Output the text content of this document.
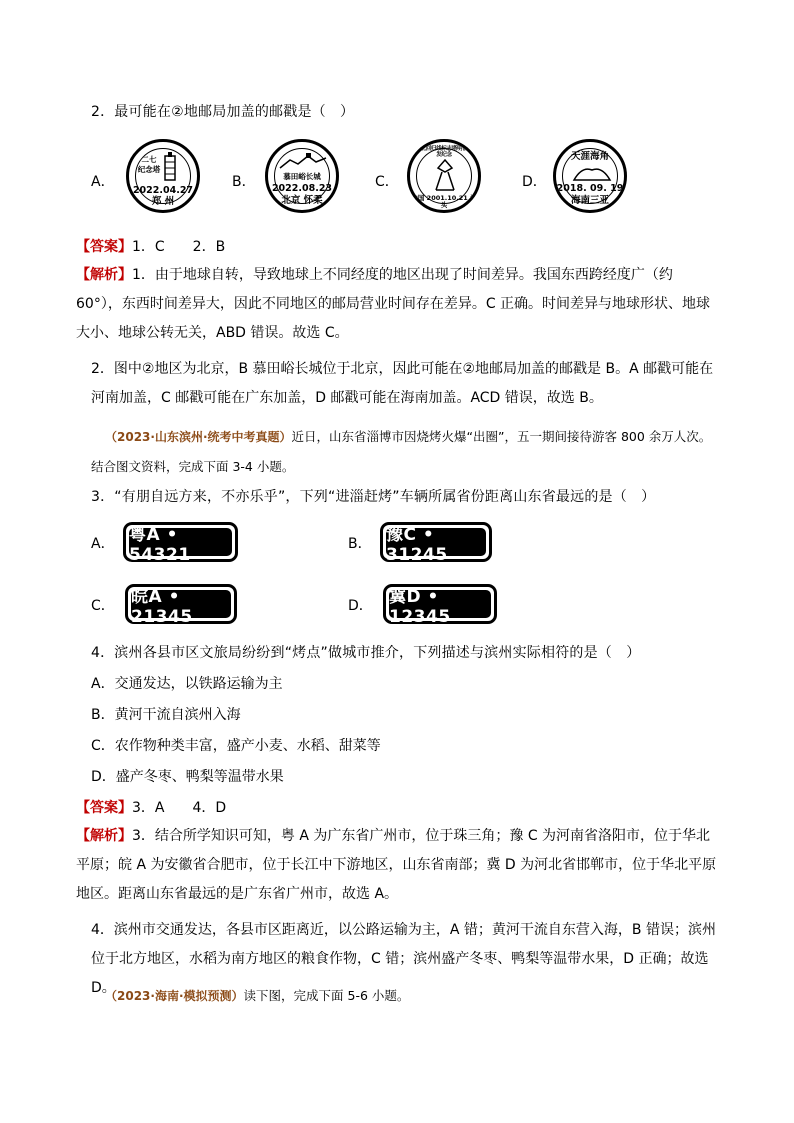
2．最可能在②地邮局加盖的邮戳是（　）
A．
二七
纪念塔
2022.04.27
郑 州
B．	慕田峪长城
2022.08.23
北京 怀柔
C．
汕头北回归线标志塔明信片首发纪念
中国 2001.10.21 汕头
D．
天涯海角
2018. 09. 19
海南三亚
【答案】1．C　　2．B
【解析】1．由于地球自转，导致地球上不同经度的地区出现了时间差异。我国东西跨经度广（约 60°），东西时间差异大，因此不同地区的邮局营业时间存在差异。C 正确。时间差异与地球形状、地球大小、地球公转无关，ABD 错误。故选 C。
2．图中②地区为北京，B 慕田峪长城位于北京，因此可能在②地邮局加盖的邮戳是 B。A 邮戳可能在河南加盖，C 邮戳可能在广东加盖，D 邮戳可能在海南加盖。ACD 错误，故选 B。
（2023·山东滨州·统考中考真题）近日，山东省淄博市因烧烤火爆“出圈”，五一期间接待游客 800 余万人次。结合图文资料，完成下面 3-4 小题。
3．“有朋自远方来，不亦乐乎”，下列“进淄赶烤”车辆所属省份距离山东省最远的是（　）
A． 粤A • 54321
B． 豫C • 31245
C． 皖A • 21345
D． 冀D • 12345
4．滨州各县市区文旅局纷纷到“烤点”做城市推介，下列描述与滨州实际相符的是（　）
A．交通发达，以铁路运输为主
B．黄河干流自滨州入海
C．农作物种类丰富，盛产小麦、水稻、甜菜等
D．盛产冬枣、鸭梨等温带水果
【答案】3．A　　4．D
【解析】3．结合所学知识可知，粤 A 为广东省广州市，位于珠三角；豫 C 为河南省洛阳市，位于华北平原；皖 A 为安徽省合肥市，位于长江中下游地区，山东省南部；冀 D 为河北省邯郸市，位于华北平原地区。距离山东省最远的是广东省广州市，故选 A。
4．滨州市交通发达，各县市区距离近，以公路运输为主，A 错；黄河干流自东营入海，B 错误；滨州位于北方地区，水稻为南方地区的粮食作物，C 错；滨州盛产冬枣、鸭梨等温带水果，D 正确；故选 D。
（2023·海南·模拟预测）读下图，完成下面 5-6 小题。
